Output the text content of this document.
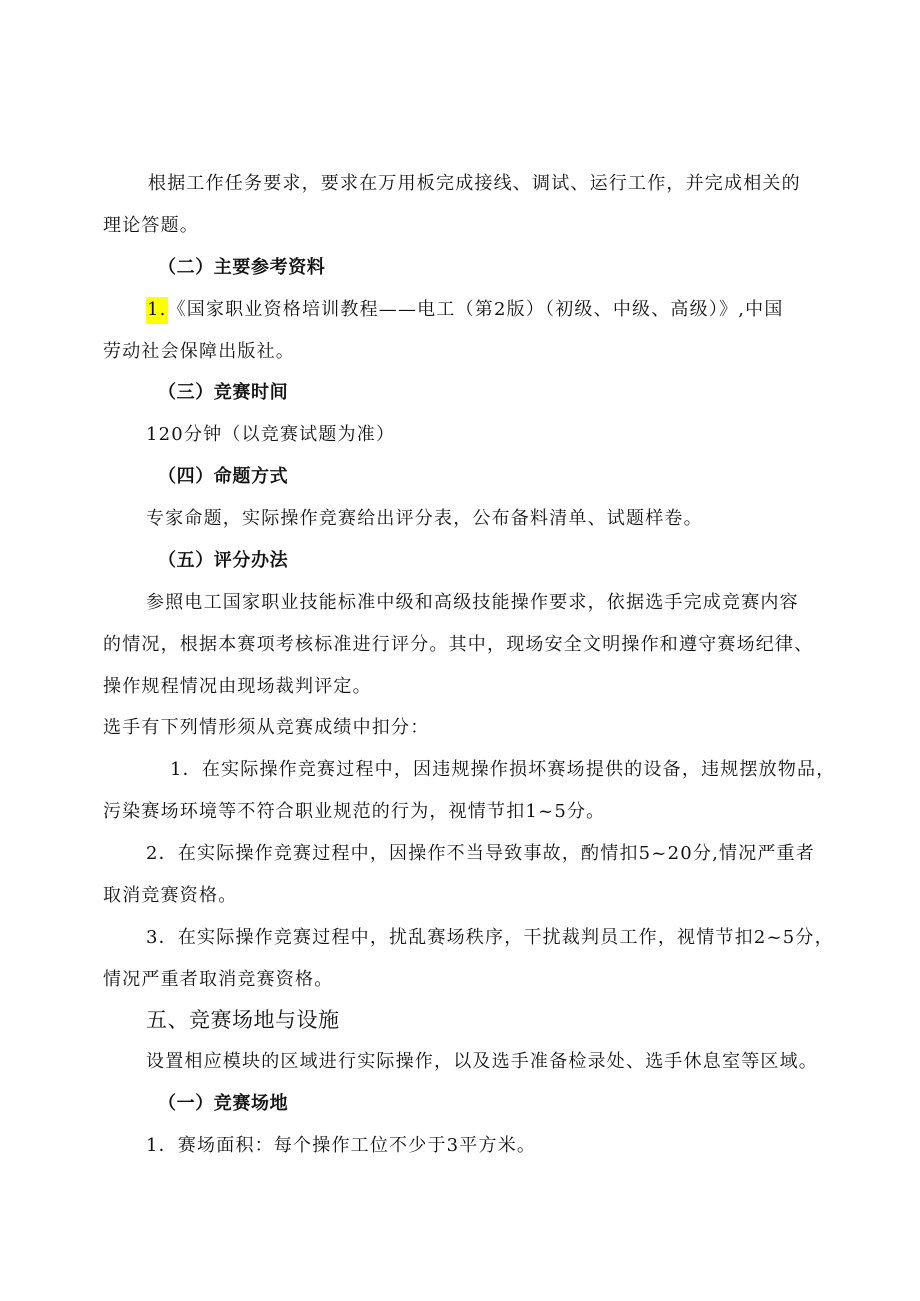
根据工作任务要求，要求在万用板完成接线、调试、运行工作，并完成相关的
理论答题。
（二）主要参考资料
1.《国家职业资格培训教程——电工（第2版）（初级、中级、高级）》,中国
劳动社会保障出版社。
（三）竞赛时间
120分钟（以竞赛试题为准）
（四）命题方式
专家命题，实际操作竞赛给出评分表，公布备料清单、试题样卷。
（五）评分办法
参照电工国家职业技能标准中级和高级技能操作要求，依据选手完成竞赛内容
的情况，根据本赛项考核标准进行评分。其中，现场安全文明操作和遵守赛场纪律、
操作规程情况由现场裁判评定。
选手有下列情形须从竞赛成绩中扣分：
1．在实际操作竞赛过程中，因违规操作损坏赛场提供的设备，违规摆放物品，
污染赛场环境等不符合职业规范的行为，视情节扣1~5分。
2．在实际操作竞赛过程中，因操作不当导致事故，酌情扣5~20分,情况严重者
取消竞赛资格。
3．在实际操作竞赛过程中，扰乱赛场秩序，干扰裁判员工作，视情节扣2~5分，
情况严重者取消竞赛资格。
五、竞赛场地与设施
设置相应模块的区域进行实际操作，以及选手准备检录处、选手休息室等区域。
（一）竞赛场地
1．赛场面积：每个操作工位不少于3平方米。
